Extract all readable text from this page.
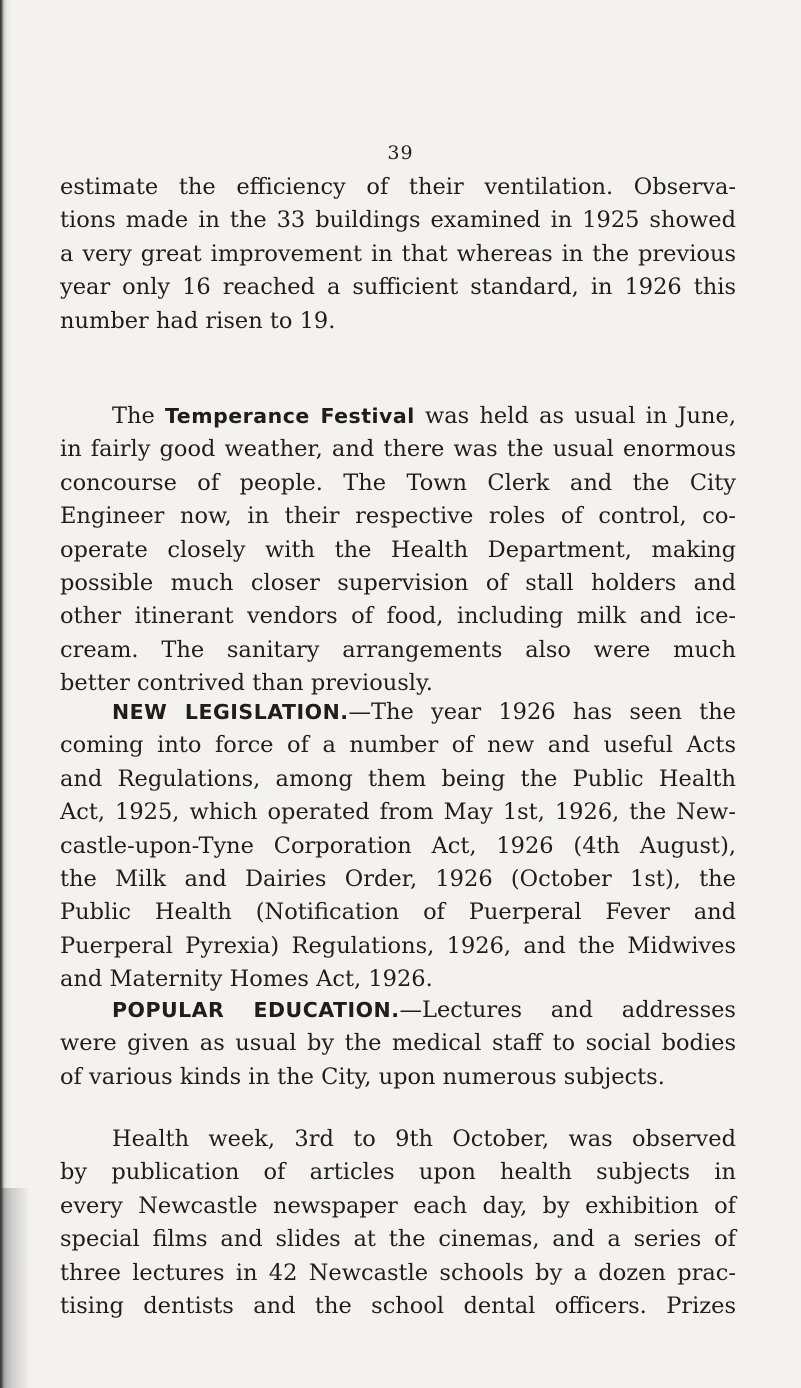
39
estimate the efficiency of their ventilation. Observa-
tions made in the 33 buildings examined in 1925 showed
a very great improvement in that whereas in the previous
year only 16 reached a sufficient standard, in 1926 this
number had risen to 19.
The Temperance Festival was held as usual in June,
in fairly good weather, and there was the usual enormous
concourse of people. The Town Clerk and the City
Engineer now, in their respective roles of control, co-
operate closely with the Health Department, making
possible much closer supervision of stall holders and
other itinerant vendors of food, including milk and ice-
cream. The sanitary arrangements also were much
better contrived than previously.
NEW LEGISLATION.—The year 1926 has seen the
coming into force of a number of new and useful Acts
and Regulations, among them being the Public Health
Act, 1925, which operated from May 1st, 1926, the New-
castle-upon-Tyne Corporation Act, 1926 (4th August),
the Milk and Dairies Order, 1926 (October 1st), the
Public Health (Notification of Puerperal Fever and
Puerperal Pyrexia) Regulations, 1926, and the Midwives
and Maternity Homes Act, 1926.
POPULAR EDUCATION.—Lectures and addresses
were given as usual by the medical staff to social bodies
of various kinds in the City, upon numerous subjects.
Health week, 3rd to 9th October, was observed
by publication of articles upon health subjects in
every Newcastle newspaper each day, by exhibition of
special films and slides at the cinemas, and a series of
three lectures in 42 Newcastle schools by a dozen prac-
tising dentists and the school dental officers. Prizes
